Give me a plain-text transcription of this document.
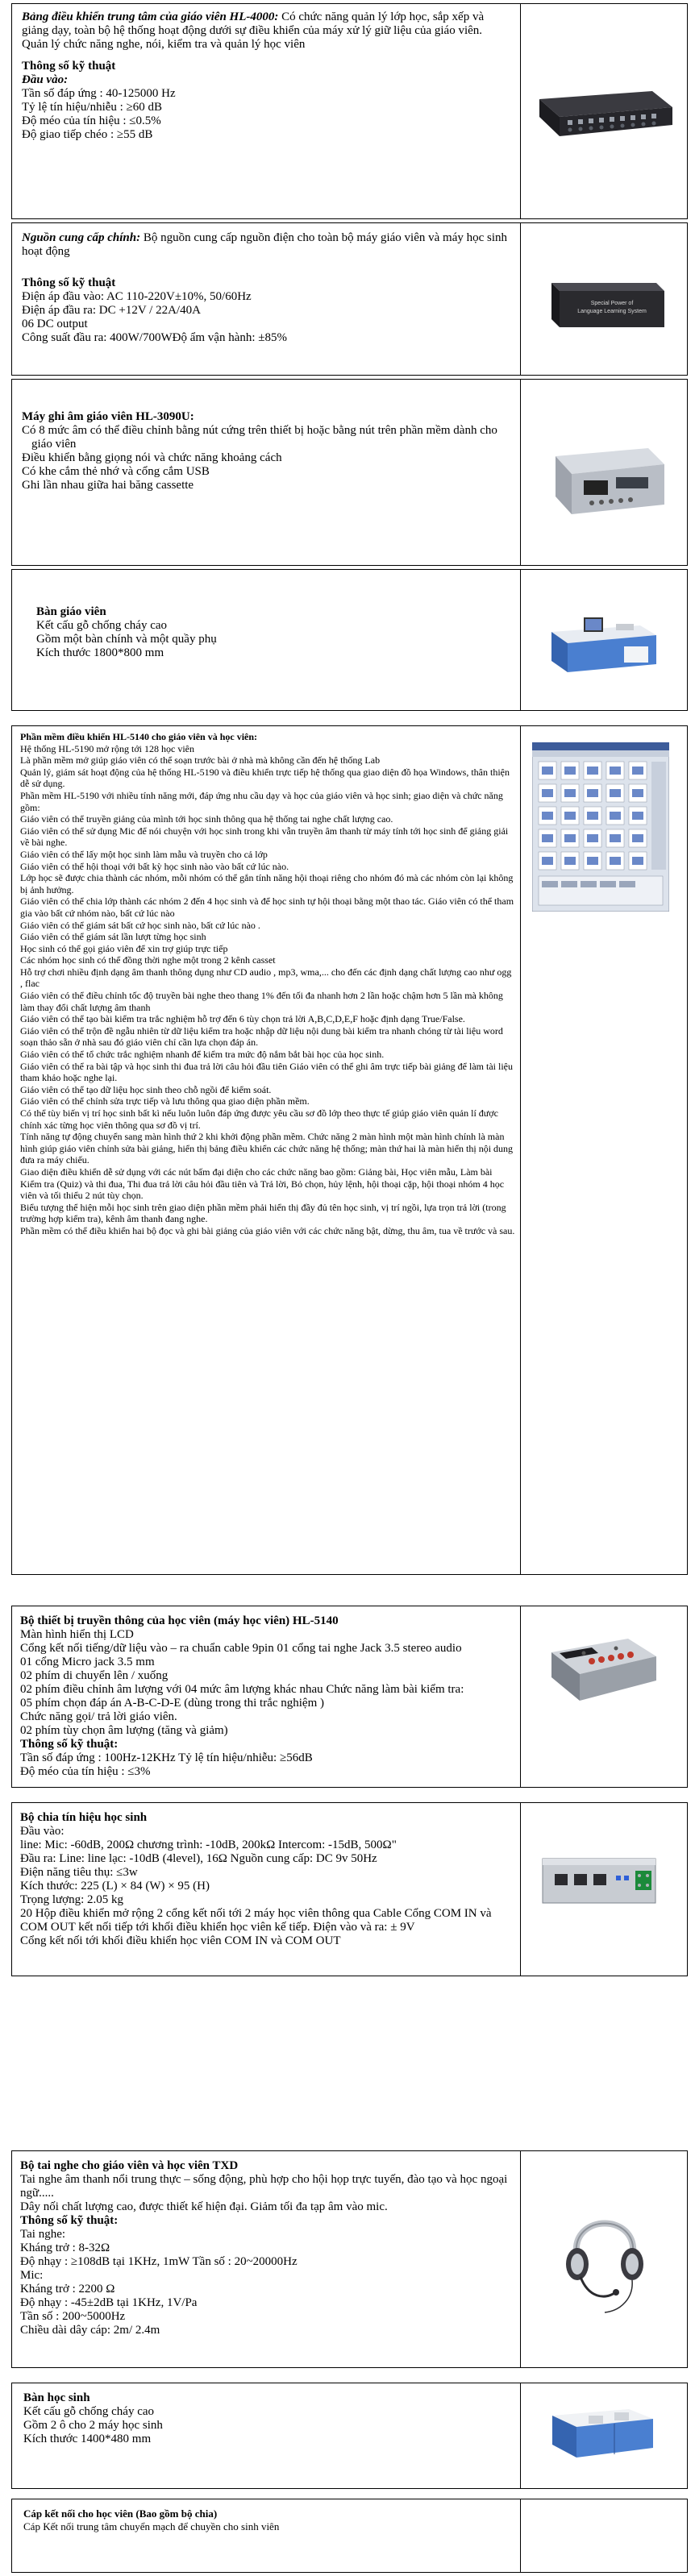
Bảng điều khiển trung tâm của giáo viên HL-4000: Có chức năng quản lý lớp học, sắp xếp và giảng dạy, toàn bộ hệ thống hoạt động dưới sự điều khiển của máy xử lý giữ liệu của giáo viên.
Quản lý chức năng nghe, nói, kiểm tra và quản lý học viên
Thông số kỹ thuật
Đầu vào:
Tần số đáp ứng : 40-125000 Hz
Tỷ lệ tín hiệu/nhiễu : ≥60 dB
Độ méo của tín hiệu : ≤0.5%
Độ giao tiếp chéo : ≥55 dB

Nguồn cung cấp chính: Bộ nguồn cung cấp nguồn điện cho toàn bộ máy giáo viên và máy học sinh hoạt động
Thông số kỹ thuật
Điện áp đầu vào: AC 110-220V±10%, 50/60Hz
Điện áp đầu ra: DC +12V / 22A/40A
06 DC output
Công suất đầu ra: 400W/700WĐộ ẩm vận hành: ±85%

Special Power of
Language Learning System
Máy ghi âm giáo viên HL-3090U:
Có 8 mức âm có thể điều chỉnh bằng nút cứng trên thiết bị hoặc bằng nút trên phần mềm dành cho giáo viên
Điều khiển bằng giọng nói và chức năng khoảng cách
Có khe cắm thẻ nhớ và cổng cắm USB
Ghi lần nhau giữa hai băng cassette

Bàn giáo viên
Kết cấu gỗ chống cháy cao
Gồm một bàn chính và một quầy phụ
Kích thước 1800*800 mm

Phần mềm điều khiển HL-5140 cho giáo viên và học viên:
Hệ thống HL-5190 mở rộng tới 128 học viên
Là phần mềm mở giúp giáo viên có thể soạn trước bài ở nhà mà không cần đến hệ thống Lab
Quản lý, giám sát hoạt động của hệ thống HL-5190 và điều khiển trực tiếp hệ thống qua giao diện đồ họa Windows, thân thiện dễ sử dụng.
Phần mềm HL-5190 với nhiều tính năng mới, đáp ứng nhu cầu dạy và học của giáo viên và học sinh; giao diện và chức năng gồm:
Giáo viên có thể truyền giảng của mình tới học sinh thông qua hệ thống tai nghe chất lượng cao.
Giáo viên có thể sử dụng Mic để nói chuyện với học sinh trong khi vẫn truyền âm thanh từ máy tính tới học sinh để giảng giải về bài nghe.
Giáo viên có thể lấy một học sinh làm mẫu và truyền cho cả lớp
Giáo viên có thể hội thoại với bất kỳ học sinh nào vào bất cứ lúc nào.
Lớp học sẽ được chia thành các nhóm, mỗi nhóm có thể gắn tính năng hội thoại riêng cho nhóm đó mà các nhóm còn lại không bị ảnh hưởng.
Giáo viên có thể chia lớp thành các nhóm 2 đến 4 học sinh và để học sinh tự hội thoại bằng một thao tác. Giáo viên có thể tham gia vào bất cứ nhóm nào, bất cứ lúc nào
Giáo viên có thể giám sát bất cứ học sinh nào, bất cứ lúc nào .
Giáo viên có thể giám sát lần lượt từng học sinh
Học sinh có thể gọi giáo viên để xin trợ giúp trực tiếp
Các nhóm học sinh có thể đồng thời nghe một trong 2 kênh casset
Hỗ trợ chơi nhiều định dạng âm thanh thông dụng như CD audio , mp3, wma,... cho đến các định dạng chất lượng cao như ogg , flac
Giáo viên có thể điều chỉnh tốc độ truyền bài nghe theo thang 1% đến tối đa nhanh hơn 2 lần hoặc chậm hơn 5 lần mà không làm thay đổi chất lượng âm thanh
Giáo viên có thể tạo bài kiểm tra trắc nghiệm hỗ trợ đến 6 tùy chọn trả lời A,B,C,D,E,F hoặc định dạng True/False.
Giáo viên có thể trộn đề ngẫu nhiên từ dữ liệu kiểm tra hoặc nhập dữ liệu nội dung bài kiểm tra nhanh chóng từ tài liệu word soạn thảo sẵn ở nhà sau đó giáo viên chỉ cần lựa chọn đáp án.
Giáo viên có thể tổ chức trắc nghiệm nhanh để kiểm tra mức độ nắm bắt bài học của học sinh.
Giáo viên có thể ra bài tập và học sinh thi đua trả lời câu hỏi đầu tiên Giáo viên có thể ghi âm trực tiếp bài giảng để làm tài liệu tham khảo hoặc nghe lại.
Giáo viên có thể tạo dữ liệu học sinh theo chỗ ngồi để kiểm soát.
Giáo viên có thể chỉnh sửa trực tiếp và lưu thông qua giao diện phần mềm.
Có thể tùy biến vị trí học sinh bất kì nếu luôn luôn đáp ứng được yêu cầu sơ đồ lớp theo thực tế giúp giáo viên quản lí được chính xác từng học viên thông qua sơ đồ vị trí.
Tính năng tự động chuyển sang màn hình thứ 2 khi khởi động phần mềm. Chức năng 2 màn hình một màn hình chính là màn hình giúp giáo viên chỉnh sửa bài giảng, hiển thị bảng điều khiển các chức năng hệ thống; màn thứ hai là màn hiển thị nội dung đưa ra máy chiếu.
Giao diện điều khiển dễ sử dụng với các nút bấm đại diện cho các chức năng bao gồm: Giảng bài, Học viên mẫu, Làm bài Kiểm tra (Quiz) và thi đua, Thi đua trả lời câu hỏi đầu tiên và Trả lời, Bỏ chọn, hủy lệnh, hội thoại cặp, hội thoại nhóm 4 học viên và tối thiểu 2 nút tùy chọn.
Biểu tượng thể hiện mỗi học sinh trên giao diện phần mềm phải hiển thị đầy đủ tên học sinh, vị trí ngồi, lựa trọn trả lời (trong trường hợp kiểm tra), kênh âm thanh đang nghe.
Phần mềm có thể điều khiển hai bộ đọc và ghi bài giảng của giáo viên với các chức năng bật, dừng, thu âm, tua về trước và sau.

Bộ thiết bị truyền thông của học viên (máy học viên) HL-5140
Màn hình hiển thị LCD
Cổng kết nối tiếng/dữ liệu vào – ra chuẩn cable 9pin 01 cổng tai nghe Jack 3.5 stereo audio
01 cổng Micro jack 3.5 mm
02 phím di chuyển lên / xuống
02 phím điều chỉnh âm lượng với 04 mức âm lượng khác nhau Chức năng làm bài kiểm tra:
05 phím chọn đáp án A-B-C-D-E (dùng trong thi trắc nghiệm )
Chức năng gọi/ trả lời giáo viên.
02 phím tùy chọn âm lượng (tăng và giảm)
Thông số kỹ thuật:
Tần số đáp ứng : 100Hz-12KHz Tỷ lệ tín hiệu/nhiễu: ≥56dB
Độ méo của tín hiệu : ≤3%

Bộ chia tín hiệu học sinh
Đầu vào:
line: Mic: -60dB, 200Ω chương trình: -10dB, 200kΩ Intercom: -15dB, 500Ω"
Đầu ra: Line: line lạc: -10dB (4level), 16Ω Nguồn cung cấp: DC 9v 50Hz
Điện năng tiêu thụ: ≤3w
Kích thước: 225 (L) × 84 (W) × 95 (H)
Trọng lượng: 2.05 kg
20 Hộp điều khiển mở rộng 2 cổng kết nối tới 2 máy học viên thông qua Cable Cổng COM IN và COM OUT kết nối tiếp tới khối điều khiển học viên kế tiếp. Điện vào và ra: ± 9V
Cổng kết nối tới khối điều khiển học viên COM IN và COM OUT

Bộ tai nghe cho giáo viên và học viên TXD
Tai nghe âm thanh nổi trung thực – sống động, phù hợp cho hội họp trực tuyến, đào tạo và học ngoại ngữ.....
Dây nối chất lượng cao, được thiết kế hiện đại. Giảm tối đa tạp âm vào mic.
Thông số kỹ thuật:
Tai nghe:
Kháng trở : 8-32Ω
Độ nhạy : ≥108dB tại 1KHz, 1mW Tần số : 20~20000Hz
Mic:
Kháng trở : 2200 Ω
Độ nhạy : -45±2dB tại 1KHz, 1V/Pa
Tần số : 200~5000Hz
Chiều dài dây cáp: 2m/ 2.4m

Bàn học sinh
Kết cấu gỗ chống cháy cao
Gồm 2 ô cho 2 máy học sinh
Kích thước 1400*480 mm

Cáp kết nối cho học viên (Bao gồm bộ chia)
Cáp Kết nối trung tâm chuyển mạch để chuyền cho sinh viên
